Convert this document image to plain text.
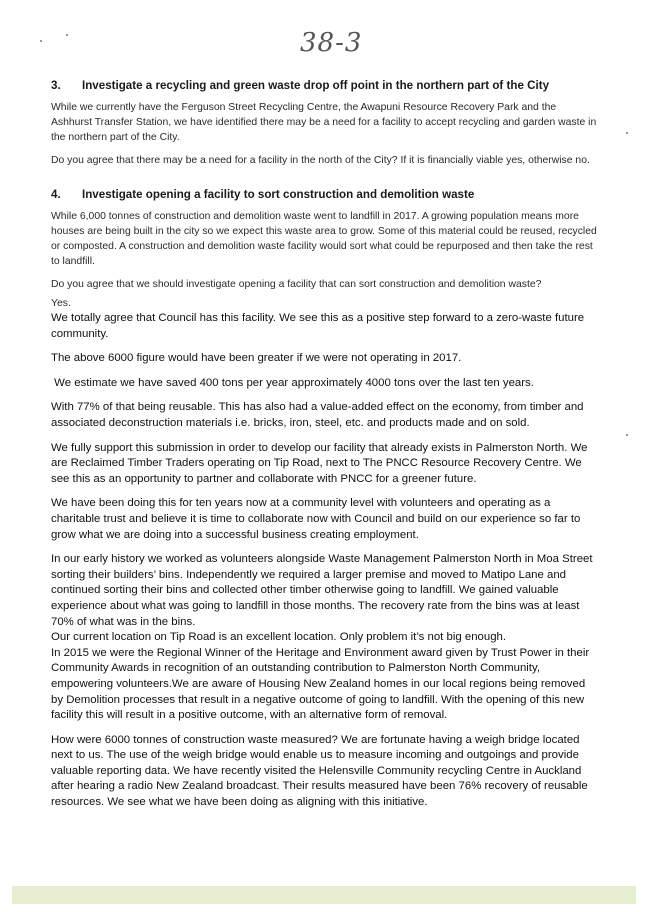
38-3
3.	Investigate a recycling and green waste drop off point in the northern part of the City

While we currently have the Ferguson Street Recycling Centre, the Awapuni Resource Recovery Park and the Ashhurst Transfer Station, we have identified there may be a need for a facility to accept recycling and garden waste in the northern part of the City.

Do you agree that there may be a need for a facility in the north of the City? If it is financially viable yes, otherwise no.

4.	Investigate opening a facility to sort construction and demolition waste

While 6,000 tonnes of construction and demolition waste went to landfill in 2017. A growing population means more houses are being built in the city so we expect this waste area to grow. Some of this material could be reused, recycled or composted. A construction and demolition waste facility would sort what could be repurposed and then take the rest to landfill.

Do you agree that we should investigate opening a facility that can sort construction and demolition waste?

Yes.

We totally agree that Council has this facility. We see this as a positive step forward to a zero-waste future community.

The above 6000 figure would have been greater if we were not operating in 2017.

We estimate we have saved 400 tons per year approximately 4000 tons over the last ten years.

With 77% of that being reusable. This has also had a value-added effect on the economy, from timber and associated deconstruction materials i.e. bricks, iron, steel, etc. and products made and on sold.

We fully support this submission in order to develop our facility that already exists in Palmerston North. We are Reclaimed Timber Traders operating on Tip Road, next to The PNCC Resource Recovery Centre. We see this as an opportunity to partner and collaborate with PNCC for a greener future.

We have been doing this for ten years now at a community level with volunteers and operating as a charitable trust and believe it is time to collaborate now with Council and build on our experience so far to grow what we are doing into a successful business creating employment.

In our early history we worked as volunteers alongside Waste Management Palmerston North in Moa Street sorting their builders’ bins. Independently we required a larger premise and moved to Matipo Lane and continued sorting their bins and collected other timber otherwise going to landfill. We gained valuable experience about what was going to landfill in those months. The recovery rate from the bins was at least 70% of what was in the bins.

Our current location on Tip Road is an excellent location. Only problem it’s not big enough.

In 2015 we were the Regional Winner of the Heritage and Environment award given by Trust Power in their Community Awards in recognition of an outstanding contribution to Palmerston North Community, empowering volunteers.We are aware of Housing New Zealand homes in our local regions being removed by Demolition processes that result in a negative outcome of going to landfill. With the opening of this new facility this will result in a positive outcome, with an alternative form of removal.

How were 6000 tonnes of construction waste measured? We are fortunate having a weigh bridge located next to us. The use of the weigh bridge would enable us to measure incoming and outgoings and provide valuable reporting data. We have recently visited the Helensville Community recycling Centre in Auckland after hearing a radio New Zealand broadcast. Their results measured have been 76% recovery of reusable resources. We see what we have been doing as aligning with this initiative.
